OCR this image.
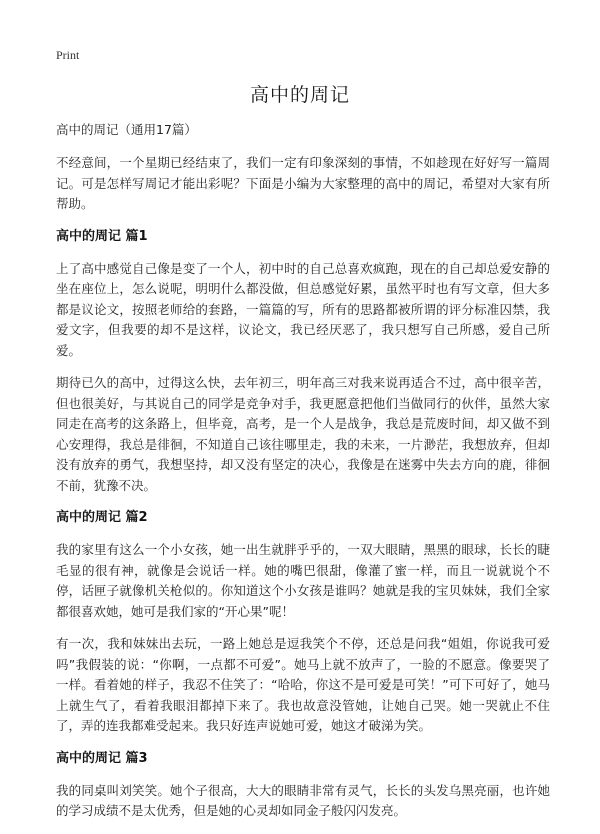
Print
高中的周记
高中的周记（通用17篇）

不经意间，一个星期已经结束了，我们一定有印象深刻的事情，不如趁现在好好写一篇周记。可是怎样写周记才能出彩呢？下面是小编为大家整理的高中的周记，希望对大家有所帮助。

高中的周记 篇1

上了高中感觉自己像是变了一个人，初中时的自己总喜欢疯跑，现在的自己却总爱安静的坐在座位上，怎么说呢，明明什么都没做，但总感觉好累，虽然平时也有写文章，但大多都是议论文，按照老师给的套路，一篇篇的写，所有的思路都被所谓的评分标准囚禁，我爱文字，但我要的却不是这样，议论文，我已经厌恶了，我只想写自己所感，爱自己所爱。

期待已久的高中，过得这么快，去年初三，明年高三对我来说再适合不过，高中很辛苦，但也很美好，与其说自己的同学是竞争对手，我更愿意把他们当做同行的伙伴，虽然大家同走在高考的这条路上，但毕竟，高考，是一个人是战争，我总是荒废时间，却又做不到心安理得，我总是徘徊，不知道自己该往哪里走，我的未来，一片渺茫，我想放弃，但却没有放弃的勇气，我想坚持，却又没有坚定的决心，我像是在迷雾中失去方向的鹿，徘徊不前，犹豫不决。

高中的周记 篇2

我的家里有这么一个小女孩，她一出生就胖乎乎的，一双大眼睛，黑黑的眼球，长长的睫毛显的很有神，就像是会说话一样。她的嘴巴很甜，像灌了蜜一样，而且一说就说个不停，话匣子就像机关枪似的。你知道这个小女孩是谁吗？她就是我的宝贝妹妹，我们全家都很喜欢她，她可是我们家的“开心果”呢！

有一次，我和妹妹出去玩，一路上她总是逗我笑个不停，还总是问我“姐姐，你说我可爱吗”我假装的说：“你啊，一点都不可爱”。她马上就不放声了，一脸的不愿意。像要哭了一样。看着她的样子，我忍不住笑了：“哈哈，你这不是可爱是可笑！”可下可好了，她马上就生气了，看着我眼泪都掉下来了。我也故意没管她，让她自己哭。她一哭就止不住了，弄的连我都难受起来。我只好连声说她可爱，她这才破涕为笑。

高中的周记 篇3

我的同桌叫刘笑笑。她个子很高，大大的眼睛非常有灵气，长长的头发乌黑亮丽，也许她的学习成绩不是太优秀，但是她的心灵却如同金子般闪闪发亮。
